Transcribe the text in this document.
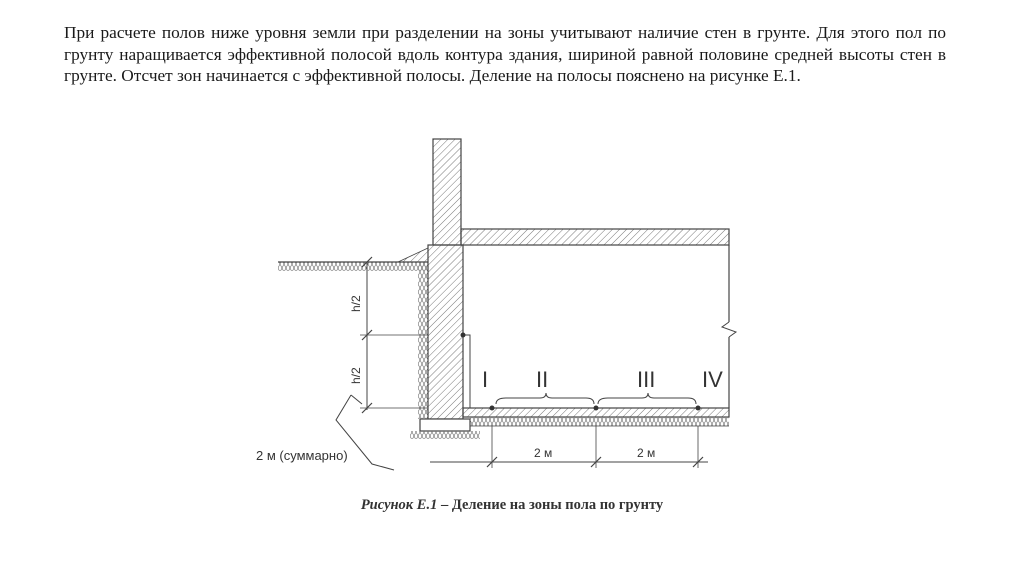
При расчете полов ниже уровня земли при разделении на зоны учитывают наличие стен в грунте. Для этого пол по грунту наращивается эффективной полосой вдоль контура здания, шириной равной половине средней высоты стен в грунте. Отсчет зон начинается с эффективной полосы. Деление на полосы пояснено на рисунке Е.1.

I II	III IV
h/2
h/2
2 м (суммарно)	2 м	2 м
Рисунок Е.1 – Деление на зоны пола по грунту
